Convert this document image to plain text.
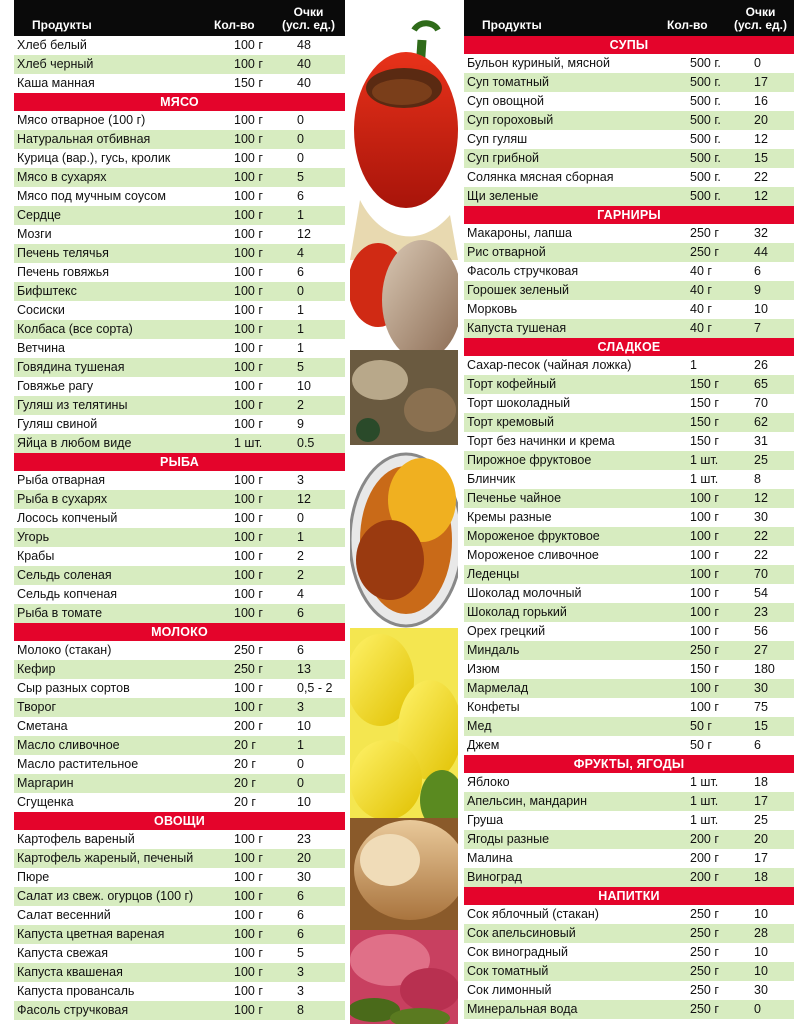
Продукты	Кол-во
Очки
(усл. ед.)
Хлеб белый	100 г	48
Хлеб черный	100 г	40
Каша манная	150 г	40
МЯСО
Мясо отварное (100 г)	100 г	0
Натуральная отбивная	100 г	0
Курица (вар.), гусь, кролик	100 г	0
Мясо в сухарях	100 г	5
Мясо под мучным соусом	100 г	6
Сердце	100 г	1
Мозги	100 г	12
Печень телячья	100 г	4
Печень говяжья	100 г	6
Бифштекс	100 г	0
Сосиски	100 г	1
Колбаса (все сорта)	100 г	1
Ветчина	100 г	1
Говядина тушеная	100 г	5
Говяжье рагу	100 г	10
Гуляш из телятины	100 г	2
Гуляш свиной	100 г	9
Яйца в любом виде	1 шт.	0.5
РЫБА
Рыба отварная	100 г	3
Рыба в сухарях	100 г	12
Лосось копченый	100 г	0
Угорь	100 г	1
Крабы	100 г	2
Сельдь соленая	100 г	2
Сельдь копченая	100 г	4
Рыба в томате	100 г	6
МОЛОКО
Молоко (стакан)	250 г	6
Кефир	250 г	13
Сыр разных сортов	100 г	0,5 - 2
Творог	100 г	3
Сметана	200 г	10
Масло сливочное	20 г	1
Масло растительное	20 г	0
Маргарин	20 г	0
Сгущенка	20 г	10
ОВОЩИ
Картофель вареный	100 г	23
Картофель жареный, печеный	100 г	20
Пюре	100 г	30
Салат из свеж. огурцов (100 г)	100 г	6
Салат весенний	100 г	6
Капуста цветная вареная	100 г	6
Капуста свежая	100 г	5
Капуста квашеная	100 г	3
Капуста провансаль	100 г	3
Фасоль стручковая	100 г	8
Продукты	Кол-во
Очки
(усл. ед.)
СУПЫ
Бульон куриный, мясной	500 г.	0
Суп томатный	500 г.	17
Суп овощной	500 г.	16
Суп гороховый	500 г.	20
Суп гуляш	500 г.	12
Суп грибной	500 г.	15
Солянка мясная сборная	500 г.	22
Щи зеленые	500 г.	12
ГАРНИРЫ
Макароны, лапша	250 г	32
Рис отварной	250 г	44
Фасоль стручковая	40 г	6
Горошек зеленый	40 г	9
Морковь	40 г	10
Капуста тушеная	40 г	7
СЛАДКОЕ
Сахар-песок (чайная ложка)	1	26
Торт кофейный	150 г	65
Торт шоколадный	150 г	70
Торт кремовый	150 г	62
Торт без начинки и крема	150 г	31
Пирожное фруктовое	1 шт.	25
Блинчик	1 шт.	8
Печенье чайное	100 г	12
Кремы разные	100 г	30
Мороженое фруктовое	100 г	22
Мороженое сливочное	100 г	22
Леденцы	100 г	70
Шоколад молочный	100 г	54
Шоколад горький	100 г	23
Орех грецкий	100 г	56
Миндаль	250 г	27
Изюм	150 г	180
Мармелад	100 г	30
Конфеты	100 г	75
Мед	50 г	15
Джем	50 г	6
ФРУКТЫ, ЯГОДЫ
Яблоко	1 шт.	18
Апельсин, мандарин	1 шт.	17
Груша	1 шт.	25
Ягоды разные	200 г	20
Малина	200 г	17
Виноград	200 г	18
НАПИТКИ
Сок яблочный (стакан)	250 г	10
Сок апельсиновый	250 г	28
Сок виноградный	250 г	10
Сок томатный	250 г	10
Сок лимонный	250 г	30
Минеральная вода	250 г	0
